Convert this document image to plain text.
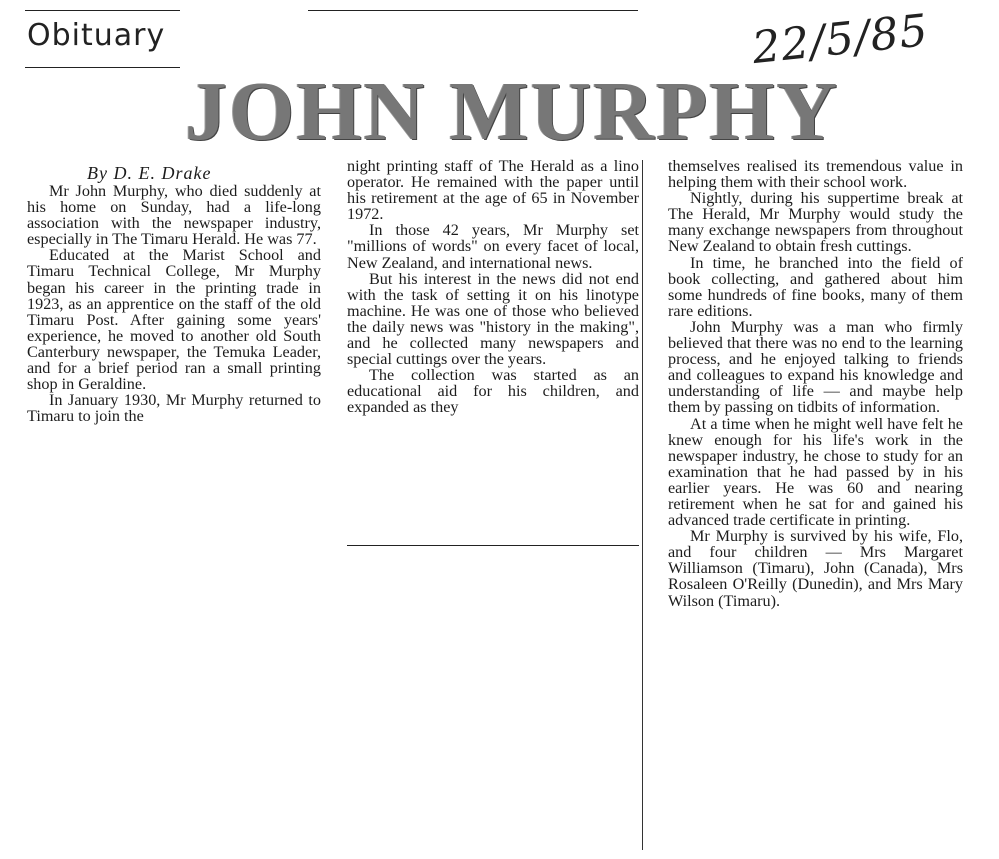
Obituary	22/5/85
JOHN MURPHY
By D. E. Drake

Mr John Murphy, who died suddenly at his home on Sunday, had a life-long association with the newspaper industry, especially in The Timaru Herald. He was 77.

Educated at the Marist School and Timaru Technical College, Mr Murphy began his career in the printing trade in 1923, as an apprentice on the staff of the old Timaru Post. After gaining some years' experience, he moved to another old South Canterbury newspaper, the Temuka Leader, and for a brief period ran a small printing shop in Geraldine.

In January 1930, Mr Murphy returned to Timaru to join the

night printing staff of The Herald as a lino operator. He remained with the paper until his retirement at the age of 65 in November 1972.

In those 42 years, Mr Murphy set "millions of words" on every facet of local, New Zealand, and international news.

But his interest in the news did not end with the task of setting it on his linotype machine. He was one of those who believed the daily news was "history in the making", and he collected many newspapers and special cuttings over the years.

The collection was started as an educational aid for his children, and expanded as they

themselves realised its tremendous value in helping them with their school work.

Nightly, during his suppertime break at The Herald, Mr Murphy would study the many exchange newspapers from throughout New Zealand to obtain fresh cuttings.

In time, he branched into the field of book collecting, and gathered about him some hundreds of fine books, many of them rare editions.

John Murphy was a man who firmly believed that there was no end to the learning process, and he enjoyed talking to friends and colleagues to expand his knowledge and understanding of life — and maybe help them by passing on tidbits of information.

At a time when he might well have felt he knew enough for his life's work in the newspaper industry, he chose to study for an examination that he had passed by in his earlier years. He was 60 and nearing retirement when he sat for and gained his advanced trade certificate in printing.

Mr Murphy is survived by his wife, Flo, and four children — Mrs Margaret Williamson (Timaru), John (Canada), Mrs Rosaleen O'Reilly (Dunedin), and Mrs Mary Wilson (Timaru).
